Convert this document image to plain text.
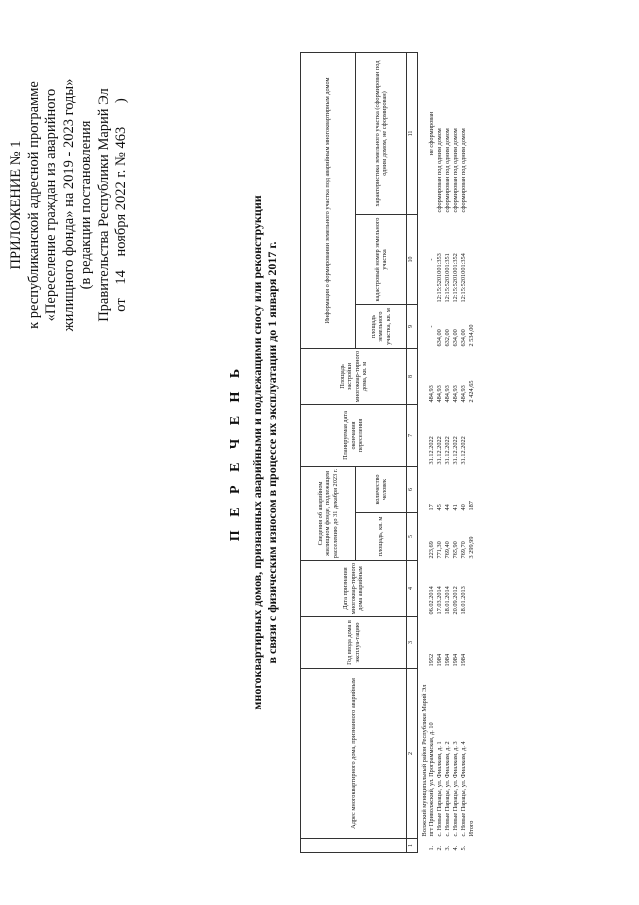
ПРИЛОЖЕНИЕ № 1 к республиканской адресной программе «Переселение граждан из аварийного жилищного фонда» на 2019 - 2023 годы» (в редакции постановления Правительства Республики Марий Эл от 14 ноября 2022 г. № 463 )
П Е Р Е Ч Е Н Ь многоквартирных домов, признанных аварийными и подлежащими сносу или реконструкции в связи с физическим износом в процессе их эксплуатации до 1 января 2017 г.
	Адрес многоквартирного дома, признанного аварийным	Год ввода дома в эксплуа-тацию	Дата признания многоквар-тирного дома аварийным	Сведения об аварийном жилищном фонде, подлежащем расселению до 31 декабря 2023 г.		Планируемая дата окончания переселения	Площадь застройки многоквар-тирного дома, кв. м	Информация о формировании земельного участка под аварийным многоквартирным домом		
				площадь, кв. м	количество человек			площадь земельного участка, кв. м	кадастровый номер земельного участка	характеристика земельного участка (сформирован под одним домом, не сформирован)
1	2	3	4	5	6	7	8	9	10	11
	Волжский муниципальный район Республики Марий Эл									
1.	пгт Приволжский, ул. Программская, д. 10	1952	06.02.2014	223,69	17	31.12.2022	484,93	-	-	не сформирован
2.	с. Новые Парацы, ул. Фиалкам, д. 1	1984	17.03.2014	771,30	45	31.12.2022	484,93	634,00	12:15:5201001:353	сформирован под одним домом
3.	с. Новые Парацы, ул. Фиалкам, д. 2	1984	18.01.2014	769,40	44	31.12.2022	484,93	632,00	12:15:5201001:351	сформирован под одним домом
4.	с. Новые Парацы, ул. Фиалкам, д. 3	1984	20.09.2012	765,90	41	31.12.2022	484,93	634,00	12:15:5201001:352	сформирован под одним домом
5.	с. Новые Парацы, ул. Фиалкам, д. 4	1984	18.01.2013	769,70	40	31.12.2022	484,93	634,00	12:15:5201001:354	сформирован под одним домом
	Итого			3 299,99	187		2 424,65	2 534,00		
